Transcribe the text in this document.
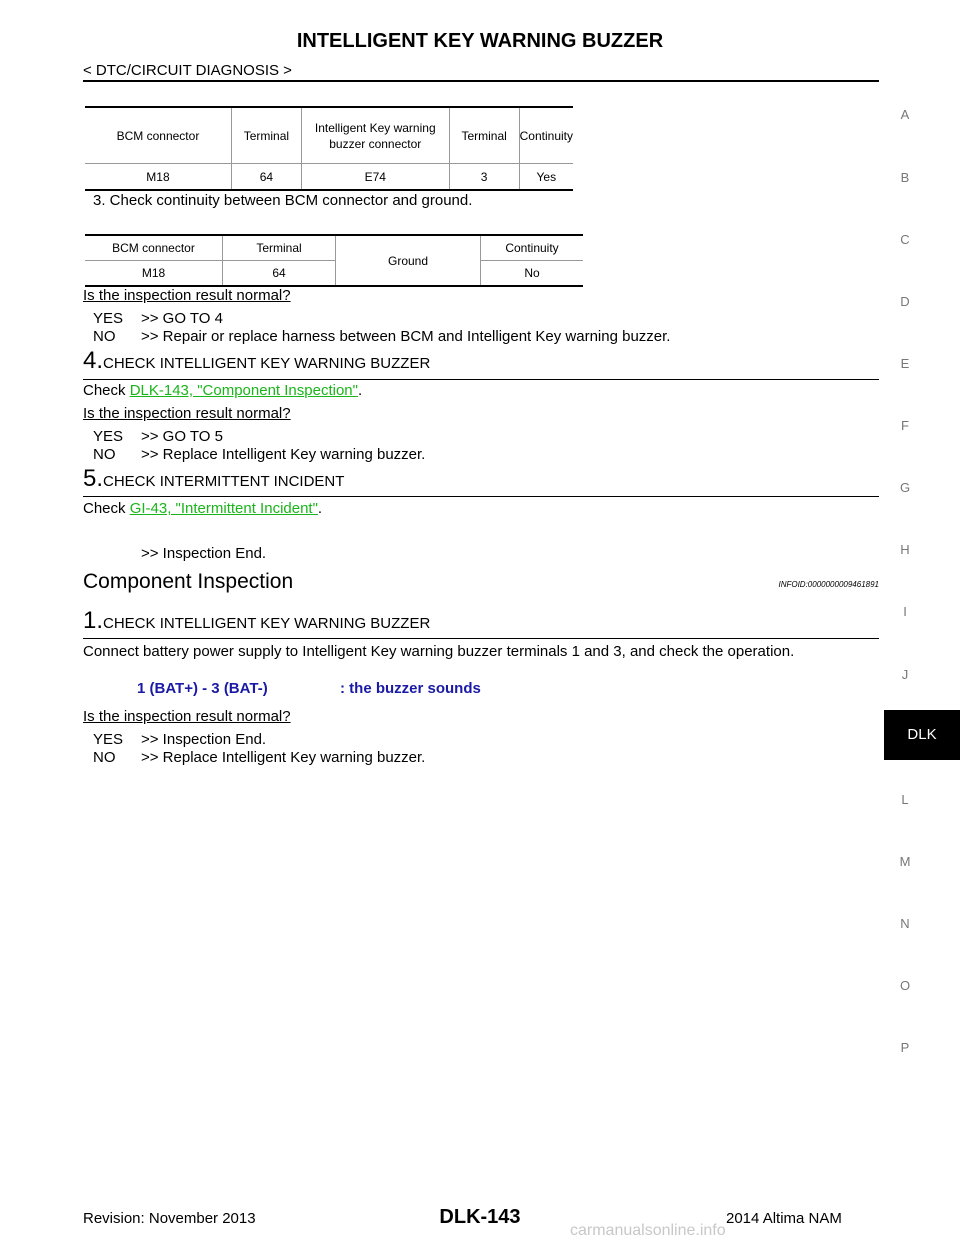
INTELLIGENT KEY WARNING BUZZER
< DTC/CIRCUIT DIAGNOSIS >
A
B
C
D
E
F
G
H
I
J
DLK
L
M
N
O
P
BCM connector	Terminal	Intelligent Key warning buzzer connector	Terminal	Continuity
M18	64	E74	3	Yes
3. Check continuity between BCM connector and ground.
BCM connector	Terminal	Ground	Continuity
M18	64		No
Is the inspection result normal?
YES >> GO TO 4
NO >> Repair or replace harness between BCM and Intelligent Key warning buzzer.
4.CHECK INTELLIGENT KEY WARNING BUZZER
Check DLK-143, "Component Inspection".
Is the inspection result normal?
YES >> GO TO 5
NO >> Replace Intelligent Key warning buzzer.
5.CHECK INTERMITTENT INCIDENT
Check GI-43, "Intermittent Incident".
>> Inspection End.
Component Inspection	INFOID:0000000009461891
1.CHECK INTELLIGENT KEY WARNING BUZZER
Connect battery power supply to Intelligent Key warning buzzer terminals 1 and 3, and check the operation.
1 (BAT+) - 3 (BAT-)	: the buzzer sounds
Is the inspection result normal?
YES >> Inspection End.
NO >> Replace Intelligent Key warning buzzer.
Revision: November 2013	DLK-143	2014 Altima NAM
carmanualsonline.info
